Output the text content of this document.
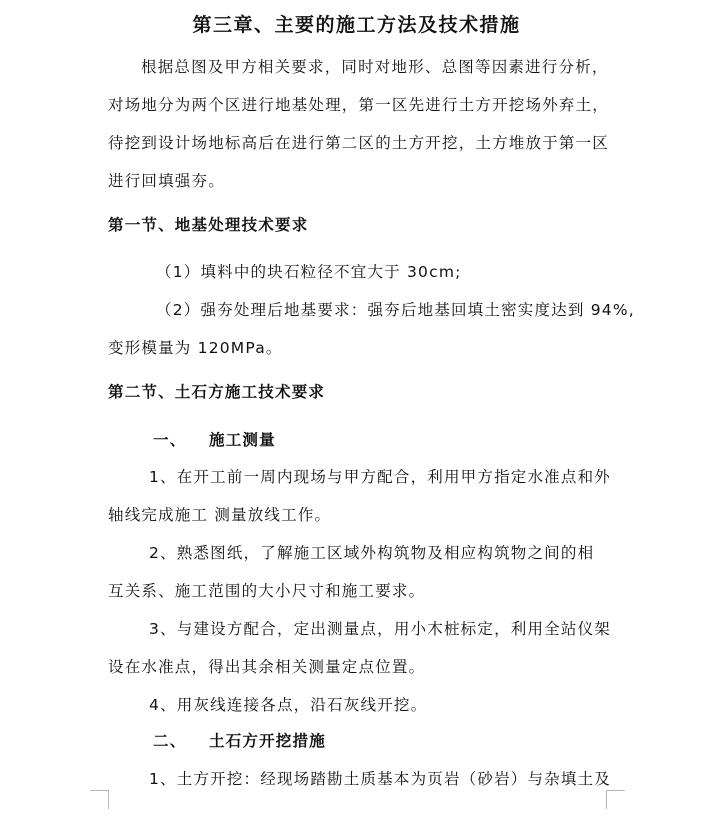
第三章、主要的施工方法及技术措施
根据总图及甲方相关要求，同时对地形、总图等因素进行分析，
对场地分为两个区进行地基处理，第一区先进行土方开挖场外弃土，
待挖到设计场地标高后在进行第二区的土方开挖，土方堆放于第一区
进行回填强夯。
第一节、地基处理技术要求
（1）填料中的块石粒径不宜大于 30cm;
（2）强夯处理后地基要求：强夯后地基回填土密实度达到 94%,
变形模量为 120MPa。
第二节、土石方施工技术要求
一、 施工测量
1、在开工前一周内现场与甲方配合，利用甲方指定水准点和外
轴线完成施工 测量放线工作。
2、熟悉图纸，了解施工区域外构筑物及相应构筑物之间的相
互关系、施工范围的大小尺寸和施工要求。
3、与建设方配合，定出测量点，用小木桩标定，利用全站仪架
设在水准点，得出其余相关测量定点位置。
4、用灰线连接各点，沿石灰线开挖。
二、 土石方开挖措施
1、土方开挖：经现场踏勘土质基本为页岩（砂岩）与杂填土及
